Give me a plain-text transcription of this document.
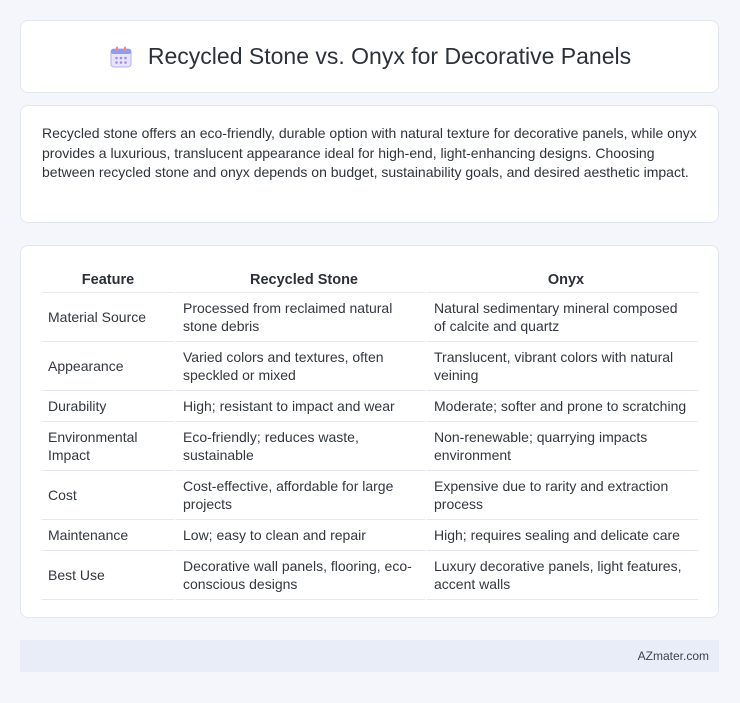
Recycled Stone vs. Onyx for Decorative Panels

Recycled stone offers an eco-friendly, durable option with natural texture for decorative panels, while onyx provides a luxurious, translucent appearance ideal for high-end, light-enhancing designs. Choosing between recycled stone and onyx depends on budget, sustainability goals, and desired aesthetic impact.

Feature	Recycled Stone	Onyx
Material Source	Processed from reclaimed natural stone debris	Natural sedimentary mineral composed of calcite and quartz
Appearance	Varied colors and textures, often speckled or mixed	Translucent, vibrant colors with natural veining
Durability	High; resistant to impact and wear	Moderate; softer and prone to scratching
Environmental Impact	Eco-friendly; reduces waste, sustainable	Non-renewable; quarrying impacts environment
Cost	Cost-effective, affordable for large projects	Expensive due to rarity and extraction process
Maintenance	Low; easy to clean and repair	High; requires sealing and delicate care
Best Use	Decorative wall panels, flooring, eco-conscious designs	Luxury decorative panels, light features, accent walls
AZmater.com
